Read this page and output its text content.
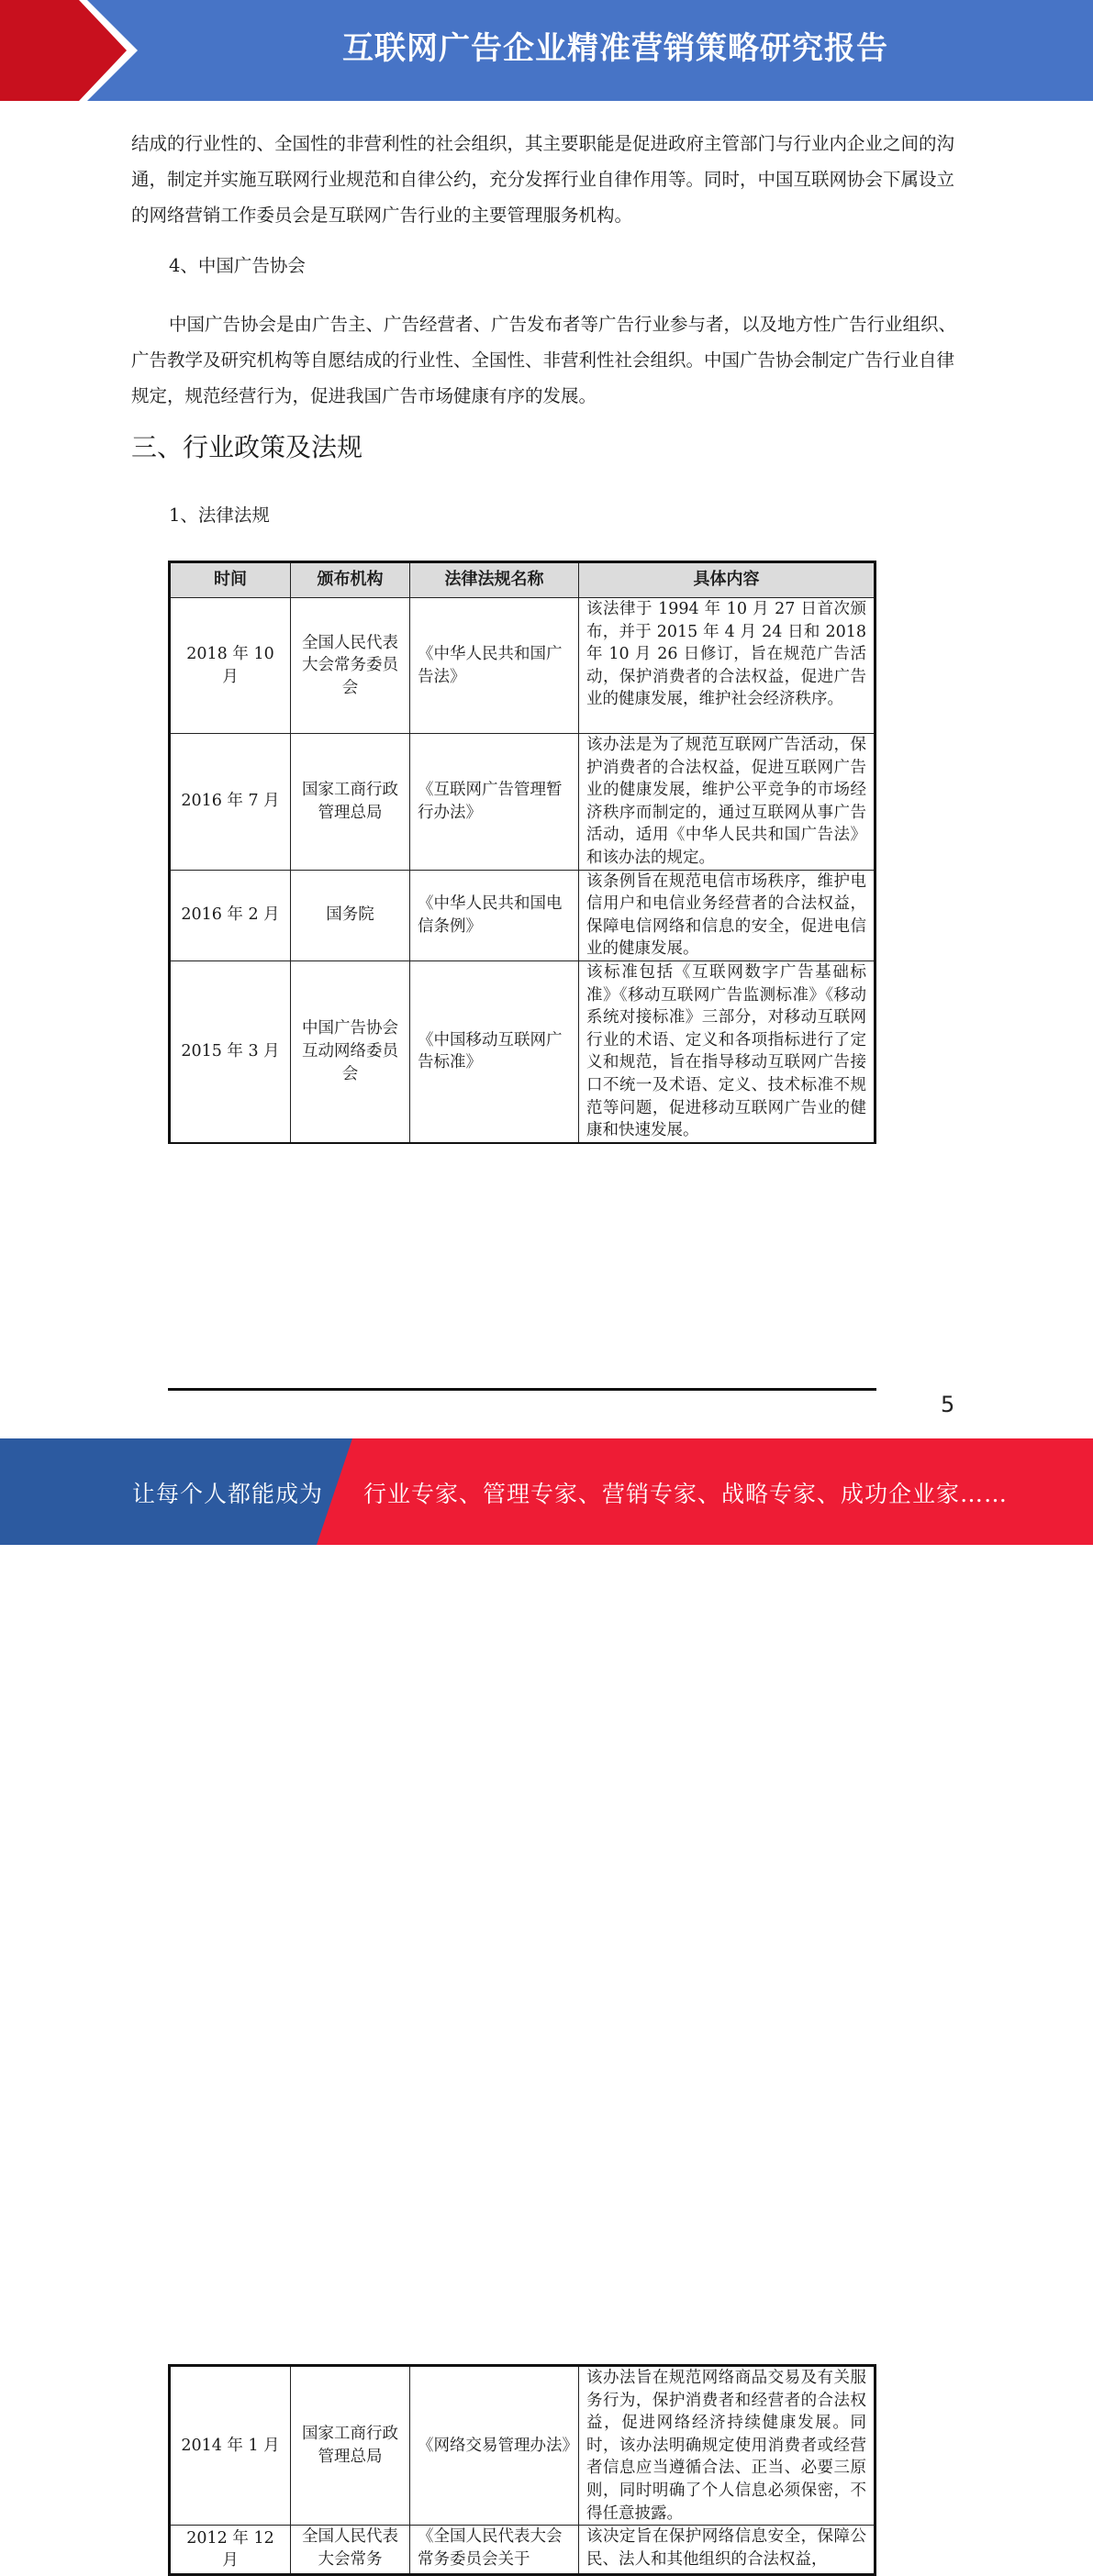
互联网广告企业精准营销策略研究报告

结成的行业性的、全国性的非营利性的社会组织，其主要职能是促进政府主管部门与行业内企业之间的沟通，制定并实施互联网行业规范和自律公约，充分发挥行业自律作用等。同时，中国互联网协会下属设立的网络营销工作委员会是互联网广告行业的主要管理服务机构。

4、中国广告协会

中国广告协会是由广告主、广告经营者、广告发布者等广告行业参与者，以及地方性广告行业组织、广告教学及研究机构等自愿结成的行业性、全国性、非营利性社会组织。中国广告协会制定广告行业自律规定，规范经营行为，促进我国广告市场健康有序的发展。

三、行业政策及法规

1、法律法规

时间	颁布机构	法律法规名称	具体内容
2018 年 10 月	全国人民代表大会常务委员会	《中华人民共和国广告法》	该法律于 1994 年 10 月 27 日首次颁布，并于 2015 年 4 月 24 日和 2018 年 10 月 26 日修订，旨在规范广告活动，保护消费者的合法权益，促进广告业的健康发展，维护社会经济秩序。
2016 年 7 月	国家工商行政管理总局	《互联网广告管理暂行办法》	该办法是为了规范互联网广告活动，保护消费者的合法权益，促进互联网广告业的健康发展，维护公平竞争的市场经济秩序而制定的，通过互联网从事广告活动，适用《中华人民共和国广告法》和该办法的规定。
2016 年 2 月	国务院	《中华人民共和国电信条例》	该条例旨在规范电信市场秩序，维护电信用户和电信业务经营者的合法权益，保障电信网络和信息的安全，促进电信业的健康发展。
2015 年 3 月	中国广告协会互动网络委员会	《中国移动互联网广告标准》	该标准包括《互联网数字广告基础标准》《移动互联网广告监测标准》《移动系统对接标准》三部分，对移动互联网行业的术语、定义和各项指标进行了定义和规范，旨在指导移动互联网广告接口不统一及术语、定义、技术标准不规范等问题，促进移动互联网广告业的健康和快速发展。
2014 年 1 月	国家工商行政管理总局	《网络交易管理办法》	该办法旨在规范网络商品交易及有关服务行为，保护消费者和经营者的合法权益，促进网络经济持续健康发展。同时，该办法明确规定使用消费者或经营者信息应当遵循合法、正当、必要三原则，同时明确了个人信息必须保密，不得任意披露。
2012 年 12 月	全国人民代表大会常务	《全国人民代表大会常务委员会关于	该决定旨在保护网络信息安全，保障公民、法人和其他组织的合法权益，
5
让每个人都能成为 行业专家、管理专家、营销专家、战略专家、成功企业家……
